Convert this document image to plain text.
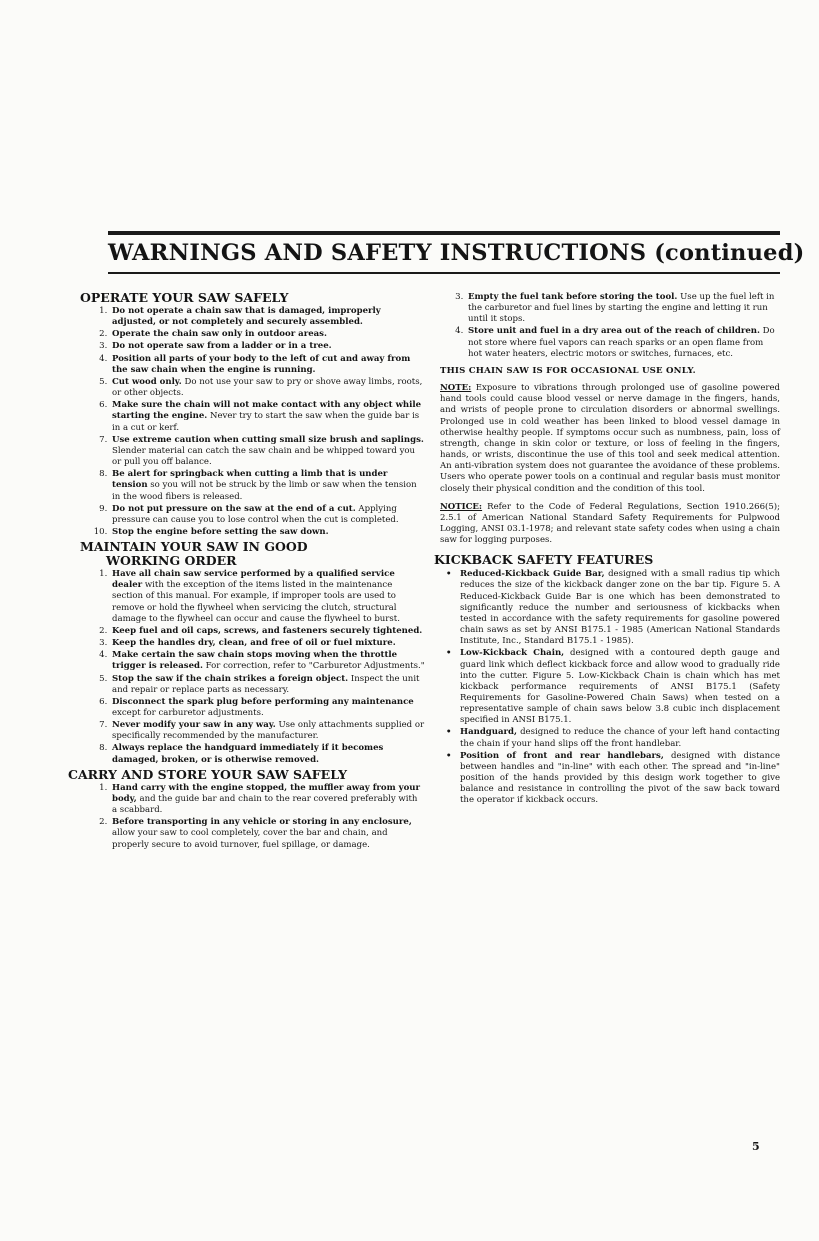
WARNINGS AND SAFETY INSTRUCTIONS (continued)
OPERATE YOUR SAW SAFELY
1. Do not operate a chain saw that is damaged, improperly adjusted, or not completely and securely assembled.
2. Operate the chain saw only in outdoor areas.
3. Do not operate saw from a ladder or in a tree.
4. Position all parts of your body to the left of cut and away from the saw chain when the engine is running.
5. Cut wood only. Do not use your saw to pry or shove away limbs, roots, or other objects.
6. Make sure the chain will not make contact with any object while starting the engine. Never try to start the saw when the guide bar is in a cut or kerf.
7. Use extreme caution when cutting small size brush and saplings. Slender material can catch the saw chain and be whipped toward you or pull you off balance.
8. Be alert for springback when cutting a limb that is under tension so you will not be struck by the limb or saw when the tension in the wood fibers is released.
9. Do not put pressure on the saw at the end of a cut. Applying pressure can cause you to lose control when the cut is completed.
10. Stop the engine before setting the saw down.
MAINTAIN YOUR SAW IN GOOD
WORKING ORDER
1. Have all chain saw service performed by a qualified service dealer with the exception of the items listed in the maintenance section of this manual. For example, if improper tools are used to remove or hold the flywheel when servicing the clutch, structural damage to the flywheel can occur and cause the flywheel to burst.
2. Keep fuel and oil caps, screws, and fasteners securely tightened.
3. Keep the handles dry, clean, and free of oil or fuel mixture.
4. Make certain the saw chain stops moving when the throttle trigger is released. For correction, refer to "Carburetor Adjustments."
5. Stop the saw if the chain strikes a foreign object. Inspect the unit and repair or replace parts as necessary.
6. Disconnect the spark plug before performing any maintenance except for carburetor adjustments.
7. Never modify your saw in any way. Use only attachments supplied or specifically recommended by the manufacturer.
8. Always replace the handguard immediately if it becomes damaged, broken, or is otherwise removed.
CARRY AND STORE YOUR SAW SAFELY
1. Hand carry with the engine stopped, the muffler away from your body, and the guide bar and chain to the rear covered preferably with a scabbard.
2. Before transporting in any vehicle or storing in any enclosure, allow your saw to cool completely, cover the bar and chain, and properly secure to avoid turnover, fuel spillage, or damage.
3. Empty the fuel tank before storing the tool. Use up the fuel left in the carburetor and fuel lines by starting the engine and letting it run until it stops.
4. Store unit and fuel in a dry area out of the reach of children. Do not store where fuel vapors can reach sparks or an open flame from hot water heaters, electric motors or switches, furnaces, etc.
THIS CHAIN SAW IS FOR OCCASIONAL USE ONLY.
NOTE: Exposure to vibrations through prolonged use of gasoline powered hand tools could cause blood vessel or nerve damage in the fingers, hands, and wrists of people prone to circulation disorders or abnormal swellings. Prolonged use in cold weather has been linked to blood vessel damage in otherwise healthy people. If symptoms occur such as numbness, pain, loss of strength, change in skin color or texture, or loss of feeling in the fingers, hands, or wrists, discontinue the use of this tool and seek medical attention. An anti-vibration system does not guarantee the avoidance of these problems. Users who operate power tools on a continual and regular basis must monitor closely their physical condition and the condition of this tool.
NOTICE: Refer to the Code of Federal Regulations, Section 1910.266(5); 2.5.1 of American National Standard Safety Requirements for Pulpwood Logging, ANSI 03.1-1978; and relevant state safety codes when using a chain saw for logging purposes.
KICKBACK SAFETY FEATURES
• Reduced-Kickback Guide Bar, designed with a small radius tip which reduces the size of the kickback danger zone on the bar tip. Figure 5. A Reduced-Kickback Guide Bar is one which has been demonstrated to significantly reduce the number and seriousness of kickbacks when tested in accordance with the safety requirements for gasoline powered chain saws as set by ANSI B175.1 - 1985 (American National Standards Institute, Inc., Standard B175.1 - 1985).
• Low-Kickback Chain, designed with a contoured depth gauge and guard link which deflect kickback force and allow wood to gradually ride into the cutter. Figure 5. Low-Kickback Chain is chain which has met kickback performance requirements of ANSI B175.1 (Safety Requirements for Gasoline-Powered Chain Saws) when tested on a representative sample of chain saws below 3.8 cubic inch displacement specified in ANSI B175.1.
• Handguard, designed to reduce the chance of your left hand contacting the chain if your hand slips off the front handlebar.
• Position of front and rear handlebars, designed with distance between handles and "in-line" with each other. The spread and "in-line" position of the hands provided by this design work together to give balance and resistance in controlling the pivot of the saw back toward the operator if kickback occurs.
5
